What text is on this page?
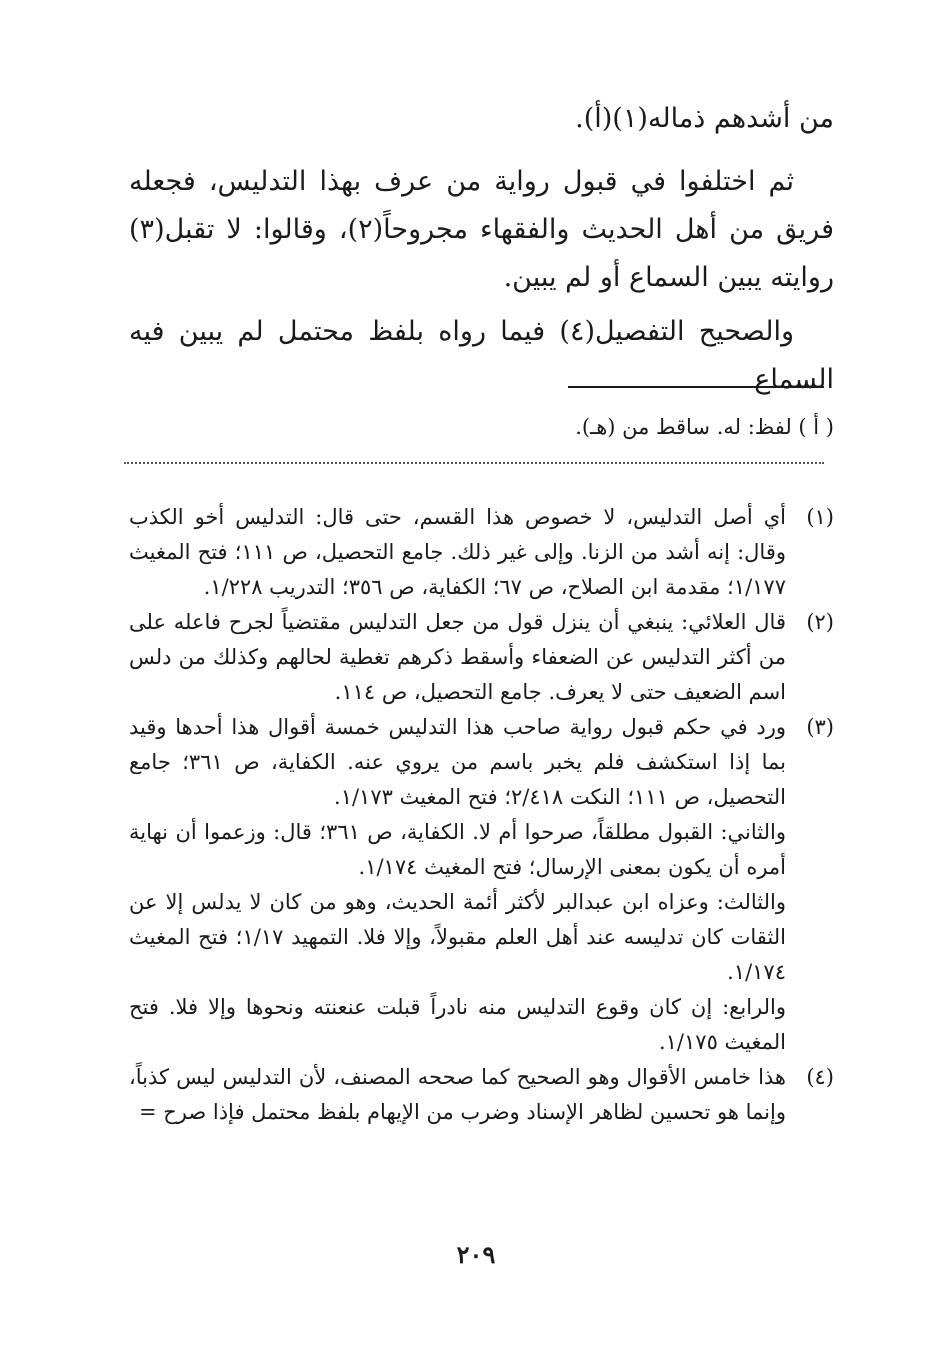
من أشدهم ذماله(١)(أ).
ثم اختلفوا في قبول رواية من عرف بهذا التدليس، فجعله فريق من أهل الحديث والفقهاء مجروحاً(٢)، وقالوا: لا تقبل(٣) روايته يبين السماع أو لم يبين.
والصحيح التفصيل(٤) فيما رواه بلفظ محتمل لم يبين فيه السماع
( أ ) لفظ: له. ساقط من (هـ).
(١)
أي أصل التدليس، لا خصوص هذا القسم، حتى قال: التدليس أخو الكذب وقال: إنه أشد من الزنا. وإلى غير ذلك. جامع التحصيل، ص ١١١؛ فتح المغيث ١/١٧٧؛ مقدمة ابن الصلاح، ص ٦٧؛ الكفاية، ص ٣٥٦؛ التدريب ١/٢٢٨.
(٢)
قال العلائي: ينبغي أن ينزل قول من جعل التدليس مقتضياً لجرح فاعله على من أكثر التدليس عن الضعفاء وأسقط ذكرهم تغطية لحالهم وكذلك من دلس اسم الضعيف حتى لا يعرف. جامع التحصيل، ص ١١٤.
(٣)
ورد في حكم قبول رواية صاحب هذا التدليس خمسة أقوال هذا أحدها وقيد بما إذا استكشف فلم يخبر باسم من يروي عنه. الكفاية، ص ٣٦١؛ جامع التحصيل، ص ١١١؛ النكت ٢/٤١٨؛ فتح المغيث ١/١٧٣.
والثاني: القبول مطلقاً، صرحوا أم لا. الكفاية، ص ٣٦١؛ قال: وزعموا أن نهاية أمره أن يكون بمعنى الإرسال؛ فتح المغيث ١/١٧٤.
والثالث: وعزاه ابن عبدالبر لأكثر أئمة الحديث، وهو من كان لا يدلس إلا عن الثقات كان تدليسه عند أهل العلم مقبولاً، وإلا فلا. التمهيد ١/١٧؛ فتح المغيث ١/١٧٤.
والرابع: إن كان وقوع التدليس منه نادراً قبلت عنعنته ونحوها وإلا فلا. فتح المغيث ١/١٧٥.
(٤)
هذا خامس الأقوال وهو الصحيح كما صححه المصنف، لأن التدليس ليس كذباً، وإنما هو تحسين لظاهر الإسناد وضرب من الإيهام بلفظ محتمل فإذا صرح =
٢٠٩
